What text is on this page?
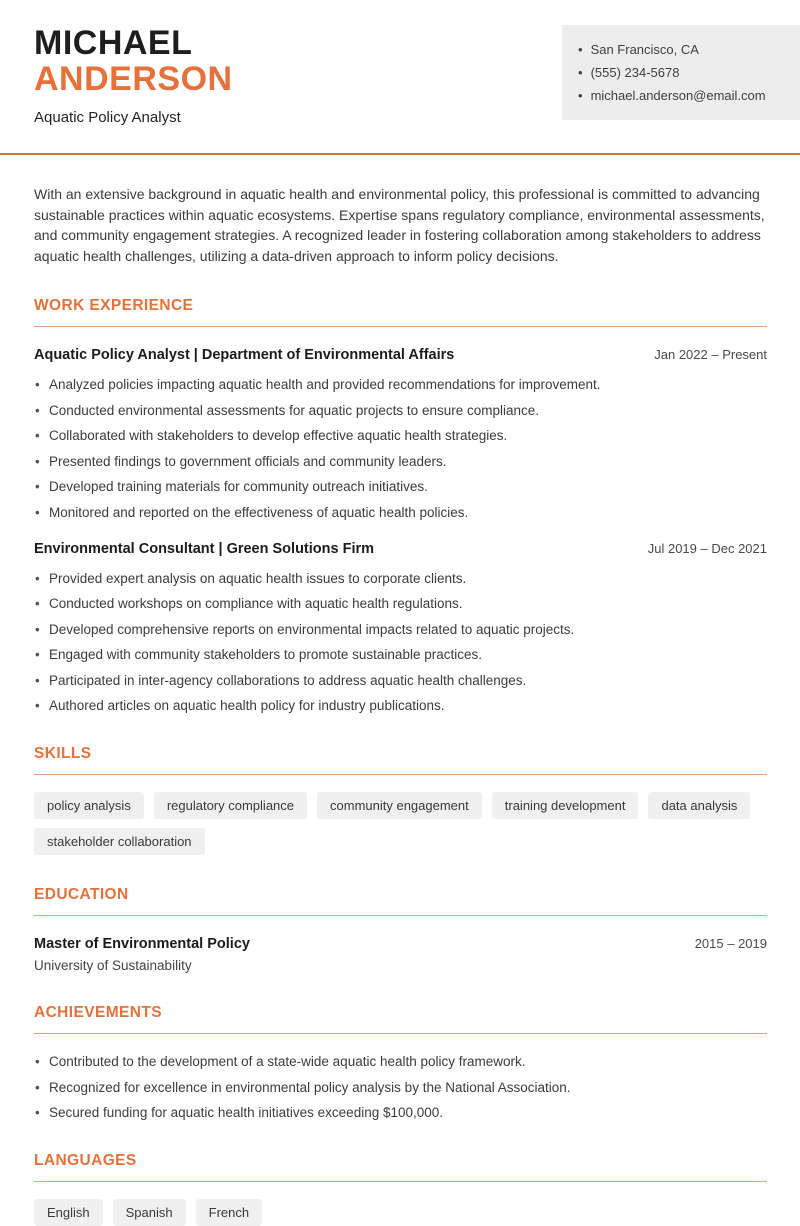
MICHAEL
ANDERSON
Aquatic Policy Analyst
• San Francisco, CA
• (555) 234-5678
• michael.anderson@email.com

With an extensive background in aquatic health and environmental policy, this professional is committed to advancing sustainable practices within aquatic ecosystems. Expertise spans regulatory compliance, environmental assessments, and community engagement strategies. A recognized leader in fostering collaboration among stakeholders to address aquatic health challenges, utilizing a data-driven approach to inform policy decisions.

WORK EXPERIENCE
Aquatic Policy Analyst | Department of Environmental Affairs	Jan 2022 – Present
• Analyzed policies impacting aquatic health and provided recommendations for improvement.
• Conducted environmental assessments for aquatic projects to ensure compliance.
• Collaborated with stakeholders to develop effective aquatic health strategies.
• Presented findings to government officials and community leaders.
• Developed training materials for community outreach initiatives.
• Monitored and reported on the effectiveness of aquatic health policies.
Environmental Consultant | Green Solutions Firm	Jul 2019 – Dec 2021
• Provided expert analysis on aquatic health issues to corporate clients.
• Conducted workshops on compliance with aquatic health regulations.
• Developed comprehensive reports on environmental impacts related to aquatic projects.
• Engaged with community stakeholders to promote sustainable practices.
• Participated in inter-agency collaborations to address aquatic health challenges.
• Authored articles on aquatic health policy for industry publications.
SKILLS
policy analysis	regulatory compliance	community engagement	training development	data analysis
stakeholder collaboration
EDUCATION
Master of Environmental Policy	2015 – 2019
University of Sustainability
ACHIEVEMENTS
• Contributed to the development of a state-wide aquatic health policy framework.
• Recognized for excellence in environmental policy analysis by the National Association.
• Secured funding for aquatic health initiatives exceeding $100,000.
LANGUAGES
English	Spanish	French
